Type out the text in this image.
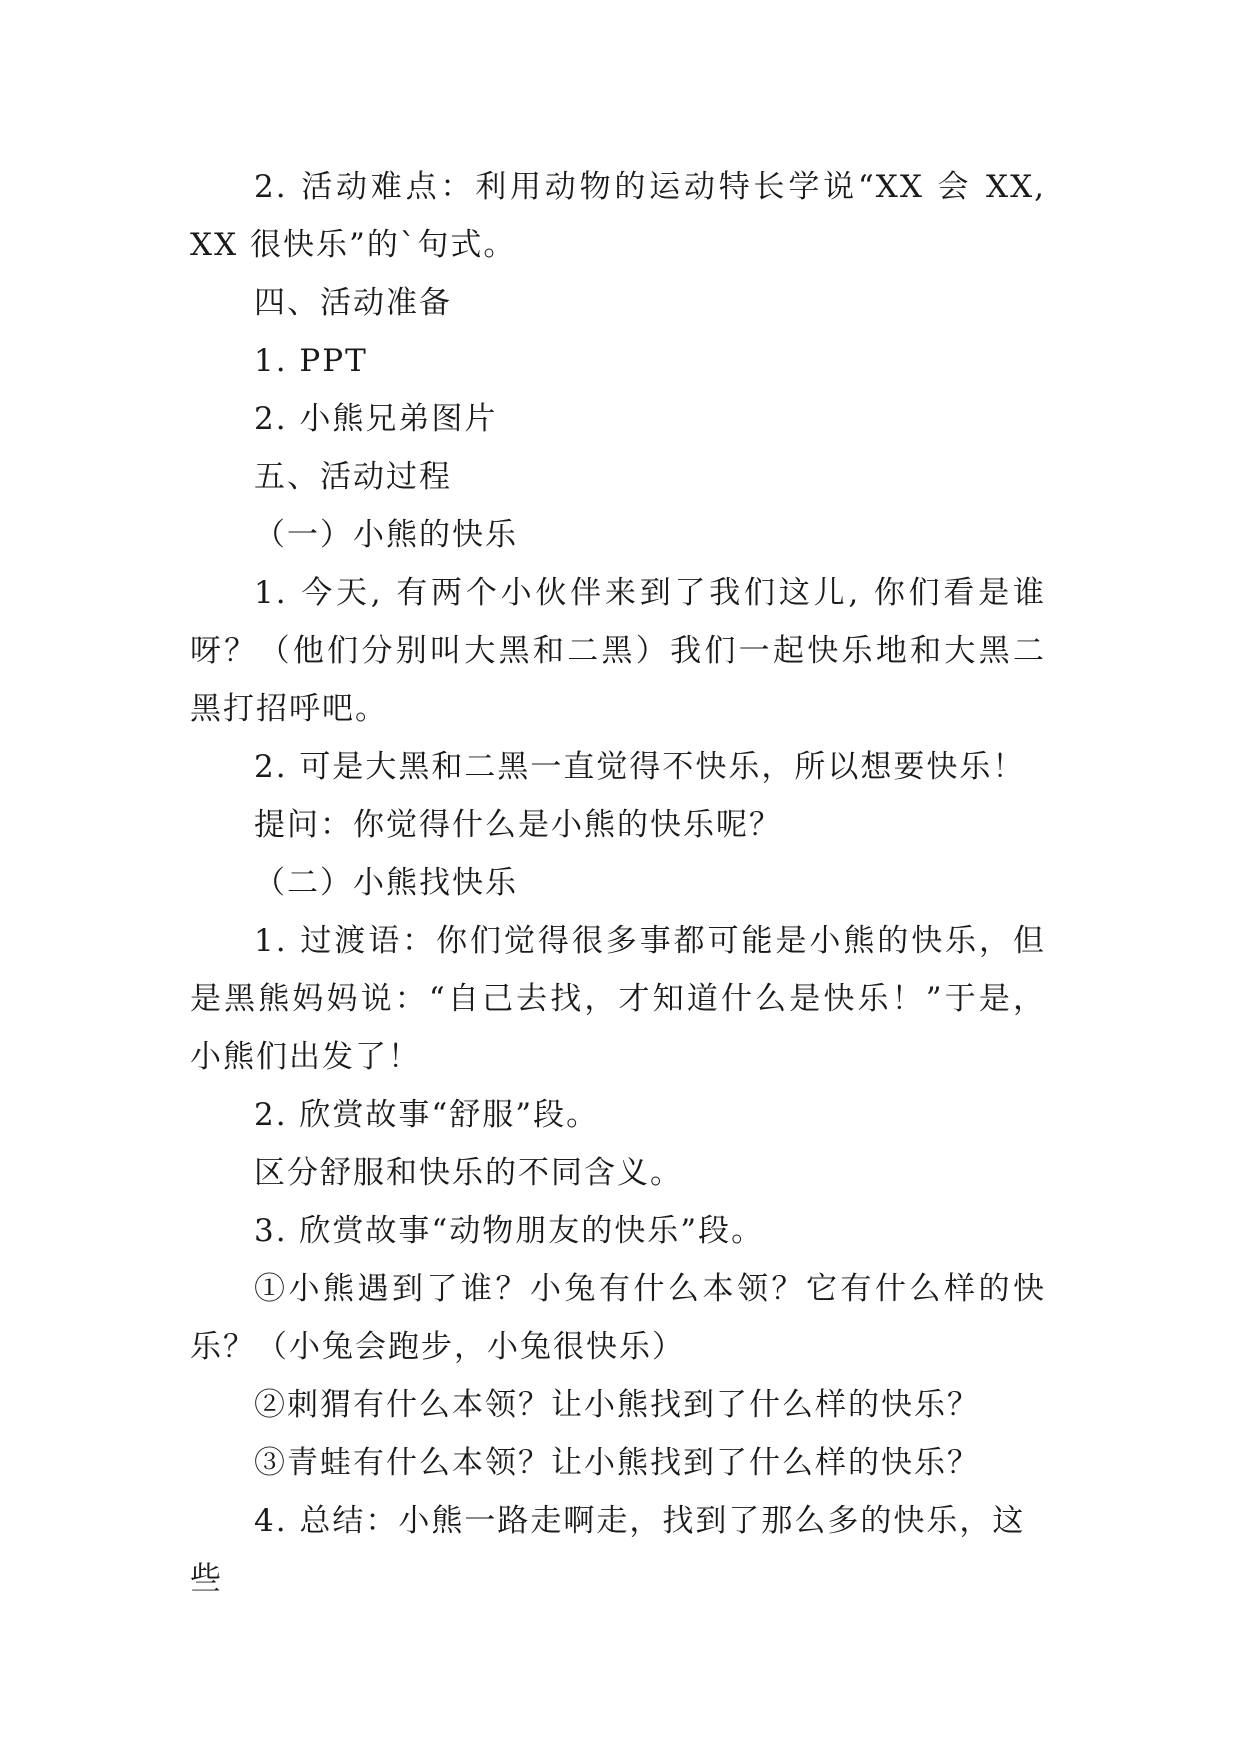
2. 活动难点：利用动物的运动特长学说“XX 会 XX, XX 很快乐”的`句式。

四、活动准备

1. PPT

2. 小熊兄弟图片

五、活动过程

（一）小熊的快乐

1. 今天, 有两个小伙伴来到了我们这儿, 你们看是谁呀？（他们分别叫大黑和二黑）我们一起快乐地和大黑二黑打招呼吧。

2. 可是大黑和二黑一直觉得不快乐，所以想要快乐！

提问：你觉得什么是小熊的快乐呢？

（二）小熊找快乐

1. 过渡语：你们觉得很多事都可能是小熊的快乐，但是黑熊妈妈说：“自己去找，才知道什么是快乐！”于是，小熊们出发了！

2. 欣赏故事“舒服”段。

区分舒服和快乐的不同含义。

3. 欣赏故事“动物朋友的快乐”段。

①小熊遇到了谁？小兔有什么本领？它有什么样的快乐？（小兔会跑步，小兔很快乐）

②刺猬有什么本领？让小熊找到了什么样的快乐？

③青蛙有什么本领？让小熊找到了什么样的快乐？

4. 总结：小熊一路走啊走，找到了那么多的快乐，这些
